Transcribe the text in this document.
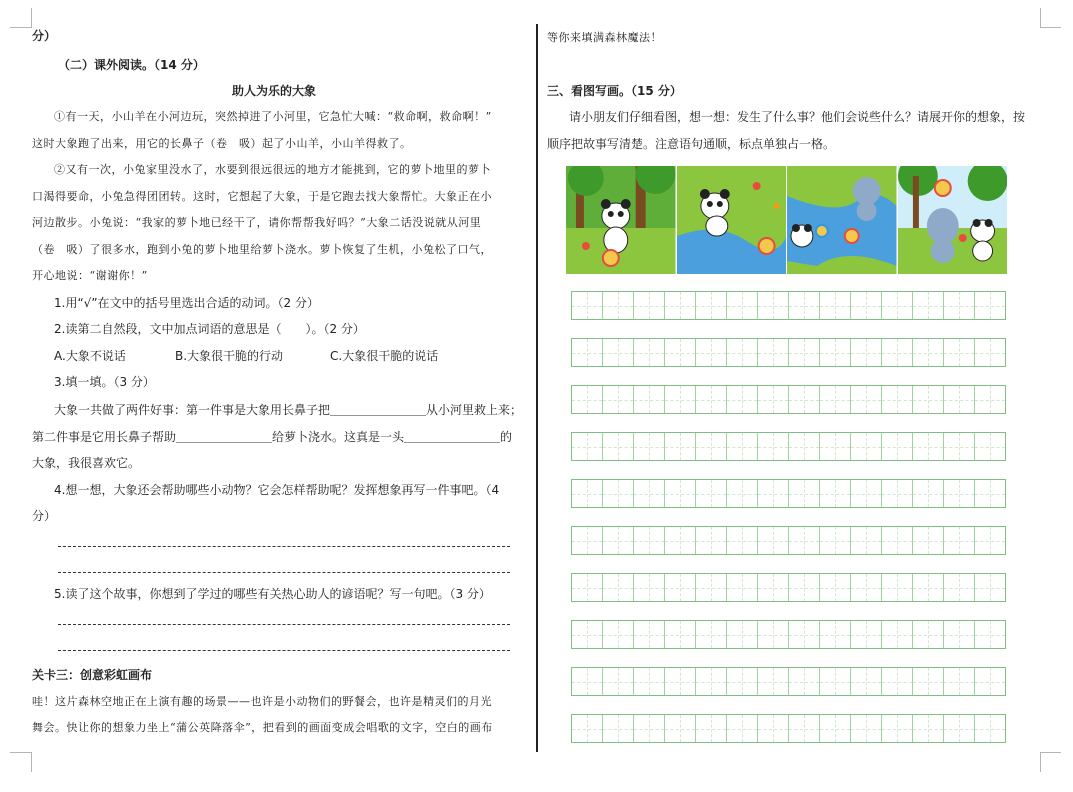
分）
（二）课外阅读。（14 分）
助人为乐的大象
①有一天，小山羊在小河边玩，突然掉进了小河里，它急忙大喊：“救命啊，救命啊！”
这时大象跑了出来，用它的长鼻子（卷　吸）起了小山羊，小山羊得救了。
②又有一次，小兔家里没水了，水要到很远很远的地方才能挑到，它的萝卜地里的萝卜
口渴得要命，小兔急得团团转。这时，它想起了大象，于是它跑去找大象帮忙。大象正在小
河边散步。小兔说：“我家的萝卜地已经干了，请你帮帮我好吗？”大象二话没说就从河里
（卷　吸）了很多水，跑到小兔的萝卜地里给萝卜浇水。萝卜恢复了生机，小兔松了口气，
开心地说：“谢谢你！”
1.用“√”在文中的括号里选出合适的动词。（2 分）
2.读第二自然段，文中加点词语的意思是（　　）。（2 分）
A.大象不说话	B.大象很干脆的行动	C.大象很干脆的说话
3.填一填。（3 分）
大象一共做了两件好事：第一件事是大象用长鼻子把＿＿＿＿＿＿＿＿从小河里救上来；
第二件事是它用长鼻子帮助＿＿＿＿＿＿＿＿给萝卜浇水。这真是一头＿＿＿＿＿＿＿＿的
大象，我很喜欢它。
4.想一想，大象还会帮助哪些小动物？它会怎样帮助呢？发挥想象再写一件事吧。（4
分）
5.读了这个故事，你想到了学过的哪些有关热心助人的谚语呢？写一句吧。（3 分）
关卡三：创意彩虹画布
哇！这片森林空地正在上演有趣的场景——也许是小动物们的野餐会，也许是精灵们的月光
舞会。快让你的想象力坐上“蒲公英降落伞”，把看到的画面变成会唱歌的文字，空白的画布
等你来填满森林魔法！
三、看图写画。（15 分）
请小朋友们仔细看图，想一想：发生了什么事？他们会说些什么？请展开你的想象，按
顺序把故事写清楚。注意语句通顺，标点单独占一格。
